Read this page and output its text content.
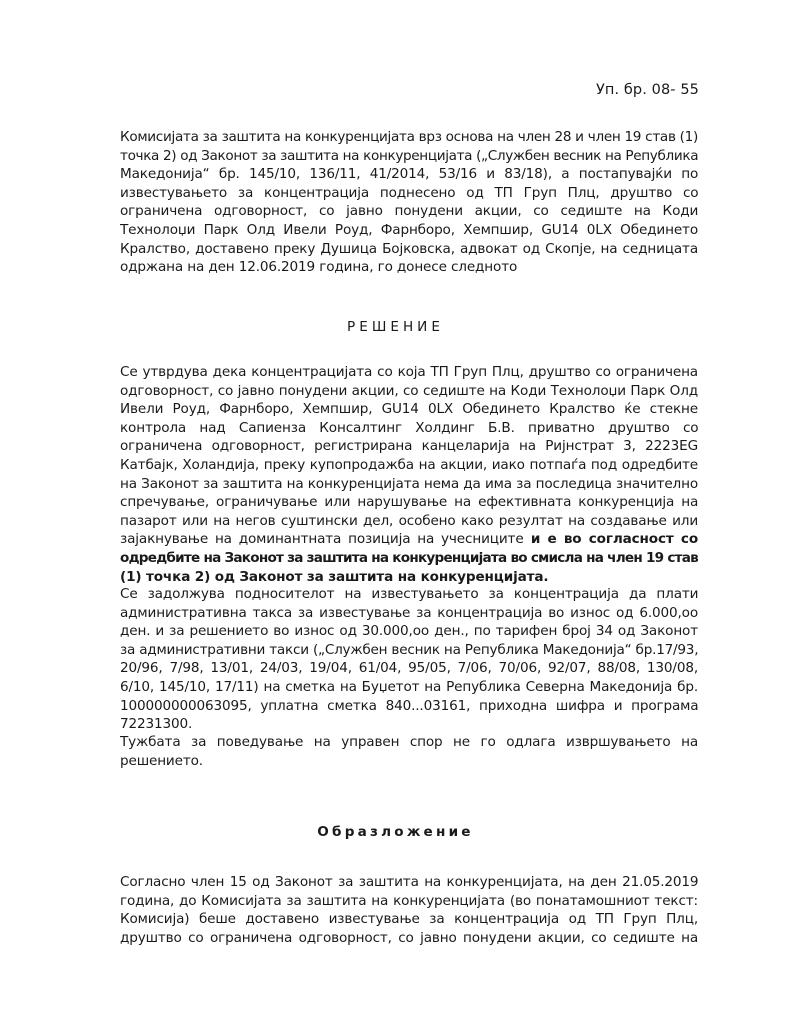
Уп. бр. 08- 55
Комисијата за заштита на конкуренцијата врз основа на член 28 и член 19 став (1)
точка 2) од Законот за заштита на конкуренцијата („Службен весник на Република
Македонија“ бр. 145/10, 136/11, 41/2014, 53/16 и 83/18), а постапувајќи по
известувањето за концентрација поднесено од ТП Груп Плц, друштво со
ограничена одговорност, со јавно понудени акции, со седиште на Коди
Технолоџи Парк Олд Ивели Роуд, Фарнборо, Хемпшир, GU14 0LX Обединето
Кралство, доставено преку Душица Бојковска, адвокат од Скопје, на седницата
одржана на ден 12.06.2019 година, го донесе следното
РЕШЕНИЕ
Се утврдува дека концентрацијата со која ТП Груп Плц, друштво со ограничена
одговорност, со јавно понудени акции, со седиште на Коди Технолоџи Парк Олд
Ивели Роуд, Фарнборо, Хемпшир, GU14 0LX Обединето Кралство ќе стекне
контрола над Сапиенза Консалтинг Холдинг Б.В. приватно друштво со
ограничена одговорност, регистрирана канцеларија на Ријнстрат 3, 2223EG
Катбајк, Холандија, преку купопродажба на акции, иако потпаѓа под одредбите
на Законот за заштита на конкуренцијата нема да има за последица значително
спречување, ограничување или нарушување на ефективната конкуренција на
пазарот или на негов суштински дел, особено како резултат на создавање или
зајакнување на доминантната позиција на учесниците и е во согласност со
одредбите на Законот за заштита на конкуренцијата во смисла на член 19 став
(1) точка 2) од Законот за заштита на конкуренцијата.
Се задолжува подносителот на известувањето за концентрација да плати
административна такса за известување за концентрација во износ од 6.000,оо
ден. и за решението во износ од 30.000,оо ден., по тарифен број 34 од Законот
за административни такси („Службен весник на Република Македонија“ бр.17/93,
20/96, 7/98, 13/01, 24/03, 19/04, 61/04, 95/05, 7/06, 70/06, 92/07, 88/08, 130/08,
6/10, 145/10, 17/11) на сметка на Буџетот на Република Северна Македонија бр.
100000000063095, уплатна сметка 840...03161, приходна шифра и програма
72231300.
Тужбата за поведување на управен спор не го одлага извршувањето на
решението.
Образложение
Согласно член 15 од Законот за заштита на конкуренцијата, на ден 21.05.2019
година, до Комисијата за заштита на конкуренцијата (во понатамошниот текст:
Комисија) беше доставено известување за концентрација од ТП Груп Плц,
друштво со ограничена одговорност, со јавно понудени акции, со седиште на
